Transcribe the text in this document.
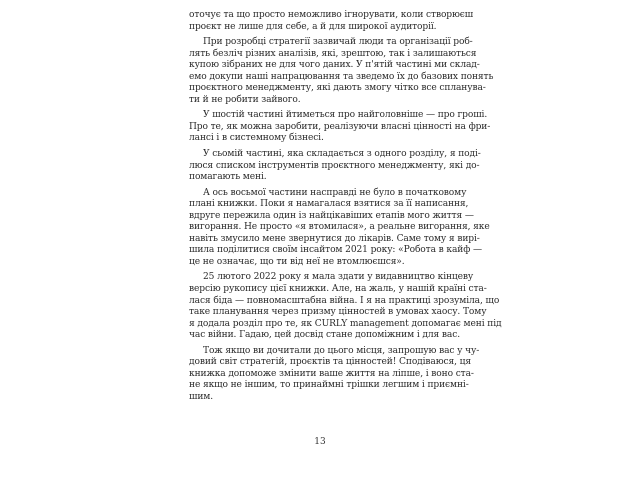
оточує та що просто неможливо ігнорувати, коли створюєш
проєкт не лише для себе, а й для широкої аудиторії.
При розробці стратегії зазвичай люди та організації роб-
лять безліч різних аналізів, які, зрештою, так і залишаються
купою зібраних не для чого даних. У п'ятій частині ми склад-
емо докупи наші напрацювання та зведемо їх до базових понять
проєктного менеджменту, які дають змогу чітко все спланува-
ти й не робити зайвого.
У шостій частині йтиметься про найголовніше — про гроші.
Про те, як можна заробити, реалізуючи власні цінності на фри-
лансі і в системному бізнесі.
У сьомій частині, яка складається з одного розділу, я поді-
люся списком інструментів проєктного менеджменту, які до-
помагають мені.
А ось восьмої частини насправді не було в початковому
плані книжки. Поки я намагалася взятися за її написання,
вдруге пережила один із найцікавіших етапів мого життя —
вигорання. Не просто «я втомилася», а реальне вигорання, яке
навіть змусило мене звернутися до лікарів. Саме тому я вирі-
шила поділитися своїм інсайтом 2021 року: «Робота в кайф —
це не означає, що ти від неї не втомлюєшся».
25 лютого 2022 року я мала здати у видавництво кінцеву
версію рукопису цієї книжки. Але, на жаль, у нашій країні ста-
лася біда — повномасштабна війна. І я на практиці зрозуміла, що
таке планування через призму цінностей в умовах хаосу. Тому
я додала розділ про те, як CURLY management допомагає мені під
час війни. Гадаю, цей досвід стане допоміжним і для вас.
Тож якщо ви дочитали до цього місця, запрошую вас у чу-
довий світ стратегій, проєктів та цінностей! Сподіваюся, ця
книжка допоможе змінити ваше життя на ліпше, і воно ста-
не якщо не іншим, то принаймні трішки легшим і приємні-
шим.
13
